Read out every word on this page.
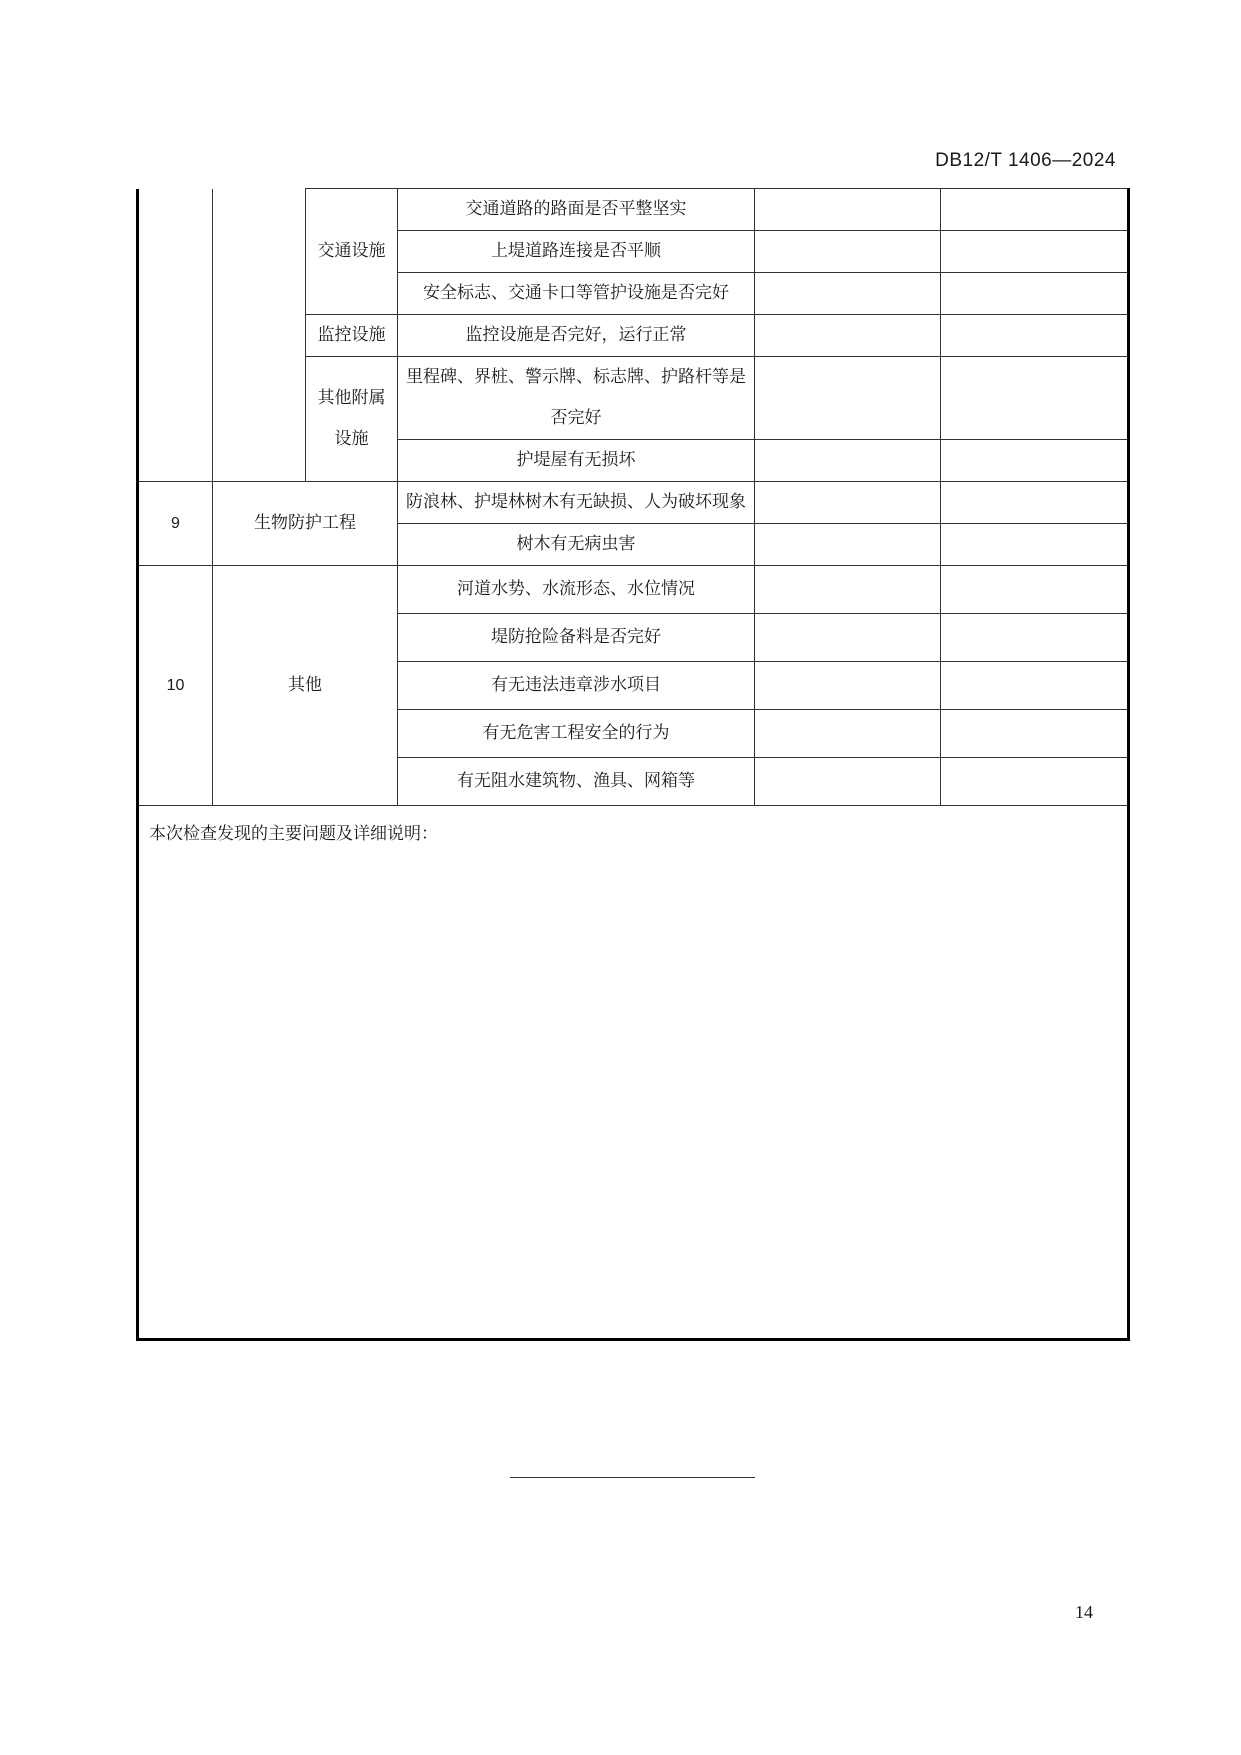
DB12/T 1406—2024
		交通设施	交通道路的路面是否平整坚实		
			上堤道路连接是否平顺		
			安全标志、交通卡口等管护设施是否完好		
		监控设施	监控设施是否完好，运行正常		
		其他附属设施	里程碑、界桩、警示牌、标志牌、护路杆等是否完好		
			护堤屋有无损坏		
9	生物防护工程		防浪林、护堤林树木有无缺损、人为破坏现象		
			树木有无病虫害		
10	其他		河道水势、水流形态、水位情况		
			堤防抢险备料是否完好		
			有无违法违章涉水项目		
			有无危害工程安全的行为		
			有无阻水建筑物、渔具、网箱等		
本次检查发现的主要问题及详细说明：					
14
